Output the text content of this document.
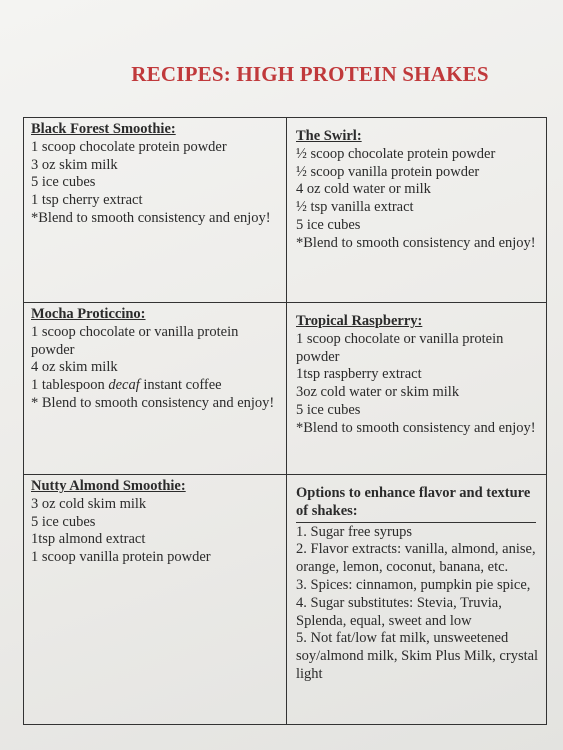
RECIPES: HIGH PROTEIN SHAKES
Black Forest Smoothie:

1 scoop chocolate protein powder

3 oz skim milk

5 ice cubes

1 tsp cherry extract

*Blend to smooth consistency and enjoy!

The Swirl:

½ scoop chocolate protein powder

½ scoop vanilla protein powder

4 oz cold water or milk

½ tsp vanilla extract

5 ice cubes

*Blend to smooth consistency and enjoy!

Mocha Proticcino:

1 scoop chocolate or vanilla protein powder

4 oz skim milk

1 tablespoon decaf instant coffee

* Blend to smooth consistency and enjoy!

Tropical Raspberry:

1 scoop chocolate or vanilla protein powder

1tsp raspberry extract

3oz cold water or skim milk

5 ice cubes

*Blend to smooth consistency and enjoy!

Nutty Almond Smoothie:

3 oz cold skim milk

5 ice cubes

1tsp almond extract

1 scoop vanilla protein powder

Options to enhance flavor and texture of shakes:

1. Sugar free syrups

2. Flavor extracts: vanilla, almond, anise, orange, lemon, coconut, banana, etc.

3. Spices: cinnamon, pumpkin pie spice,

4. Sugar substitutes: Stevia, Truvia, Splenda, equal, sweet and low

5. Not fat/low fat milk, unsweetened soy/almond milk, Skim Plus Milk, crystal light
